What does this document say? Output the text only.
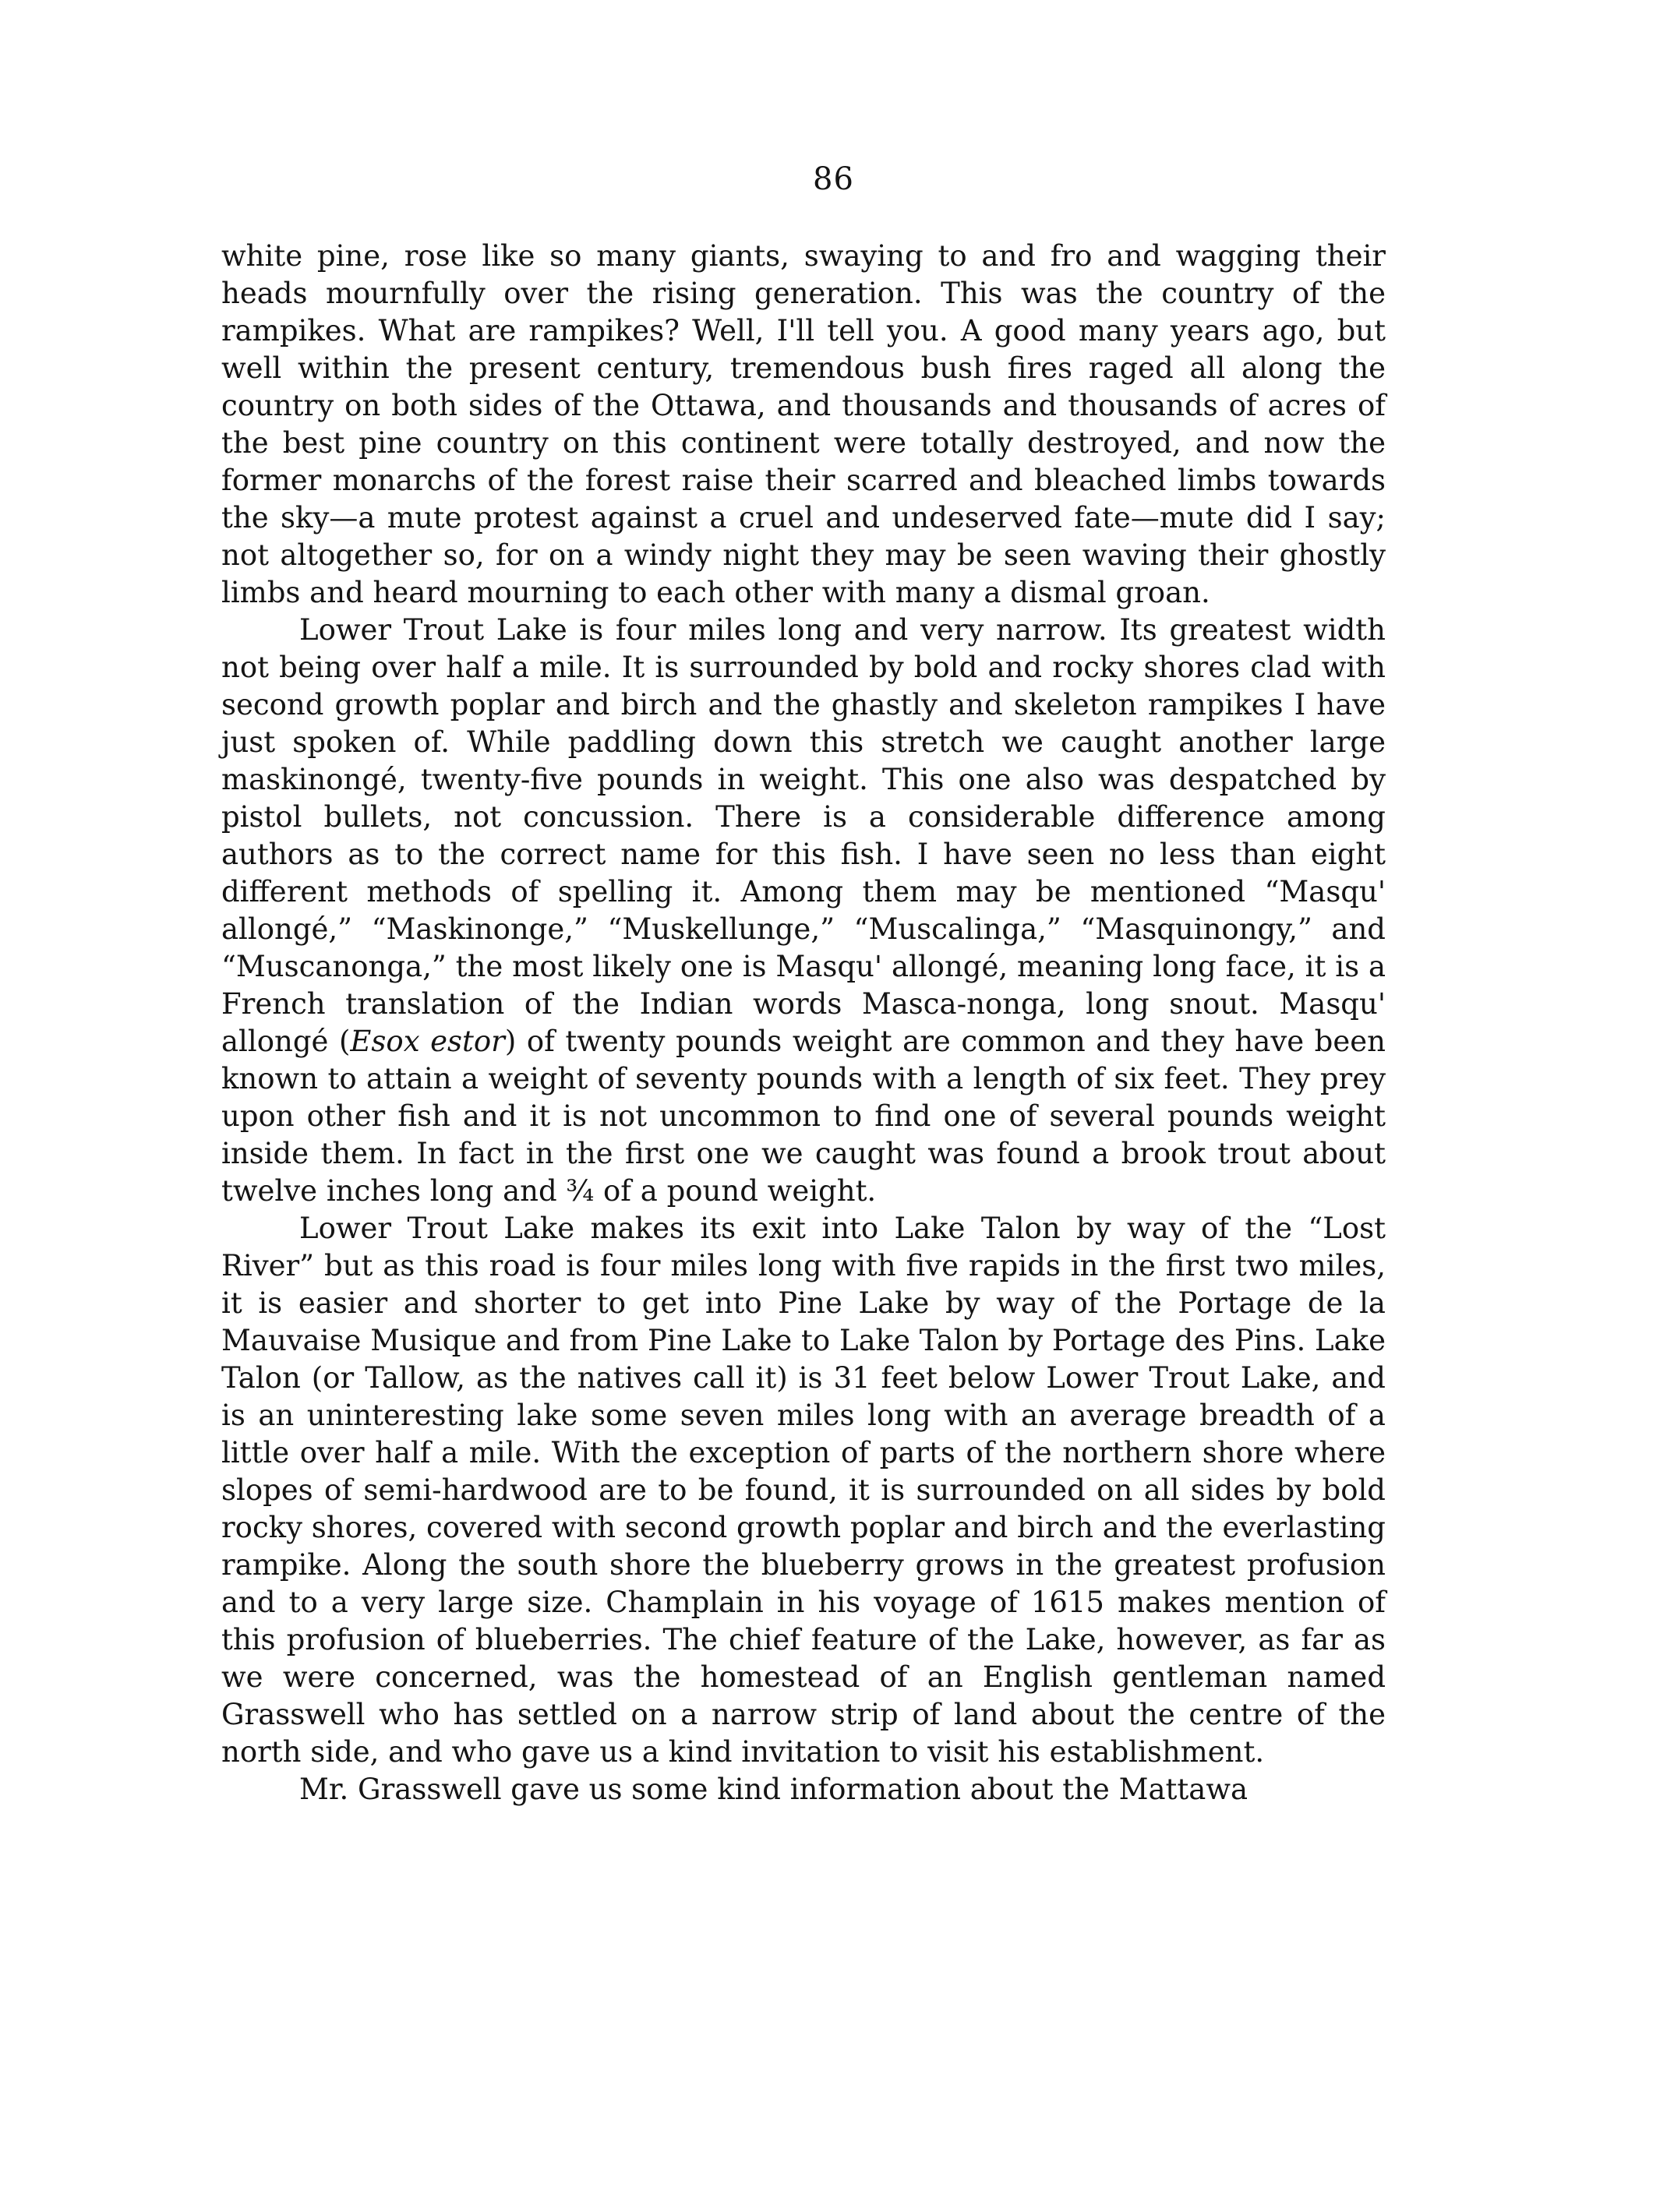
86

white pine, rose like so many giants, swaying to and fro and wagging their heads mournfully over the rising generation. This was the country of the rampikes. What are rampikes? Well, I'll tell you. A good many years ago, but well within the present century, tremendous bush fires raged all along the country on both sides of the Ottawa, and thousands and thousands of acres of the best pine country on this continent were totally destroyed, and now the former monarchs of the forest raise their scarred and bleached limbs towards the sky—a mute protest against a cruel and undeserved fate—mute did I say; not altogether so, for on a windy night they may be seen waving their ghostly limbs and heard mourning to each other with many a dismal groan.

Lower Trout Lake is four miles long and very narrow. Its greatest width not being over half a mile. It is surrounded by bold and rocky shores clad with second growth poplar and birch and the ghastly and skeleton rampikes I have just spoken of. While paddling down this stretch we caught another large maskinongé, twenty-five pounds in weight. This one also was despatched by pistol bullets, not concussion. There is a considerable difference among authors as to the correct name for this fish. I have seen no less than eight different methods of spelling it. Among them may be mentioned “Masqu' allongé,” “Maskinonge,” “Muskellunge,” “Muscalinga,” “Masquinongy,” and “Muscanonga,” the most likely one is Masqu' allongé, meaning long face, it is a French translation of the Indian words Masca-nonga, long snout. Masqu' allongé (Esox estor) of twenty pounds weight are common and they have been known to attain a weight of seventy pounds with a length of six feet. They prey upon other fish and it is not uncommon to find one of several pounds weight inside them. In fact in the first one we caught was found a brook trout about twelve inches long and ¾ of a pound weight.

Lower Trout Lake makes its exit into Lake Talon by way of the “Lost River” but as this road is four miles long with five rapids in the first two miles, it is easier and shorter to get into Pine Lake by way of the Portage de la Mauvaise Musique and from Pine Lake to Lake Talon by Portage des Pins. Lake Talon (or Tallow, as the natives call it) is 31 feet below Lower Trout Lake, and is an uninteresting lake some seven miles long with an average breadth of a little over half a mile. With the exception of parts of the northern shore where slopes of semi-hardwood are to be found, it is surrounded on all sides by bold rocky shores, covered with second growth poplar and birch and the everlasting rampike. Along the south shore the blueberry grows in the greatest profusion and to a very large size. Champlain in his voyage of 1615 makes mention of this profusion of blueberries. The chief feature of the Lake, however, as far as we were concerned, was the homestead of an English gentleman named Grasswell who has settled on a narrow strip of land about the centre of the north side, and who gave us a kind invitation to visit his establishment.

Mr. Grasswell gave us some kind information about the Mattawa
